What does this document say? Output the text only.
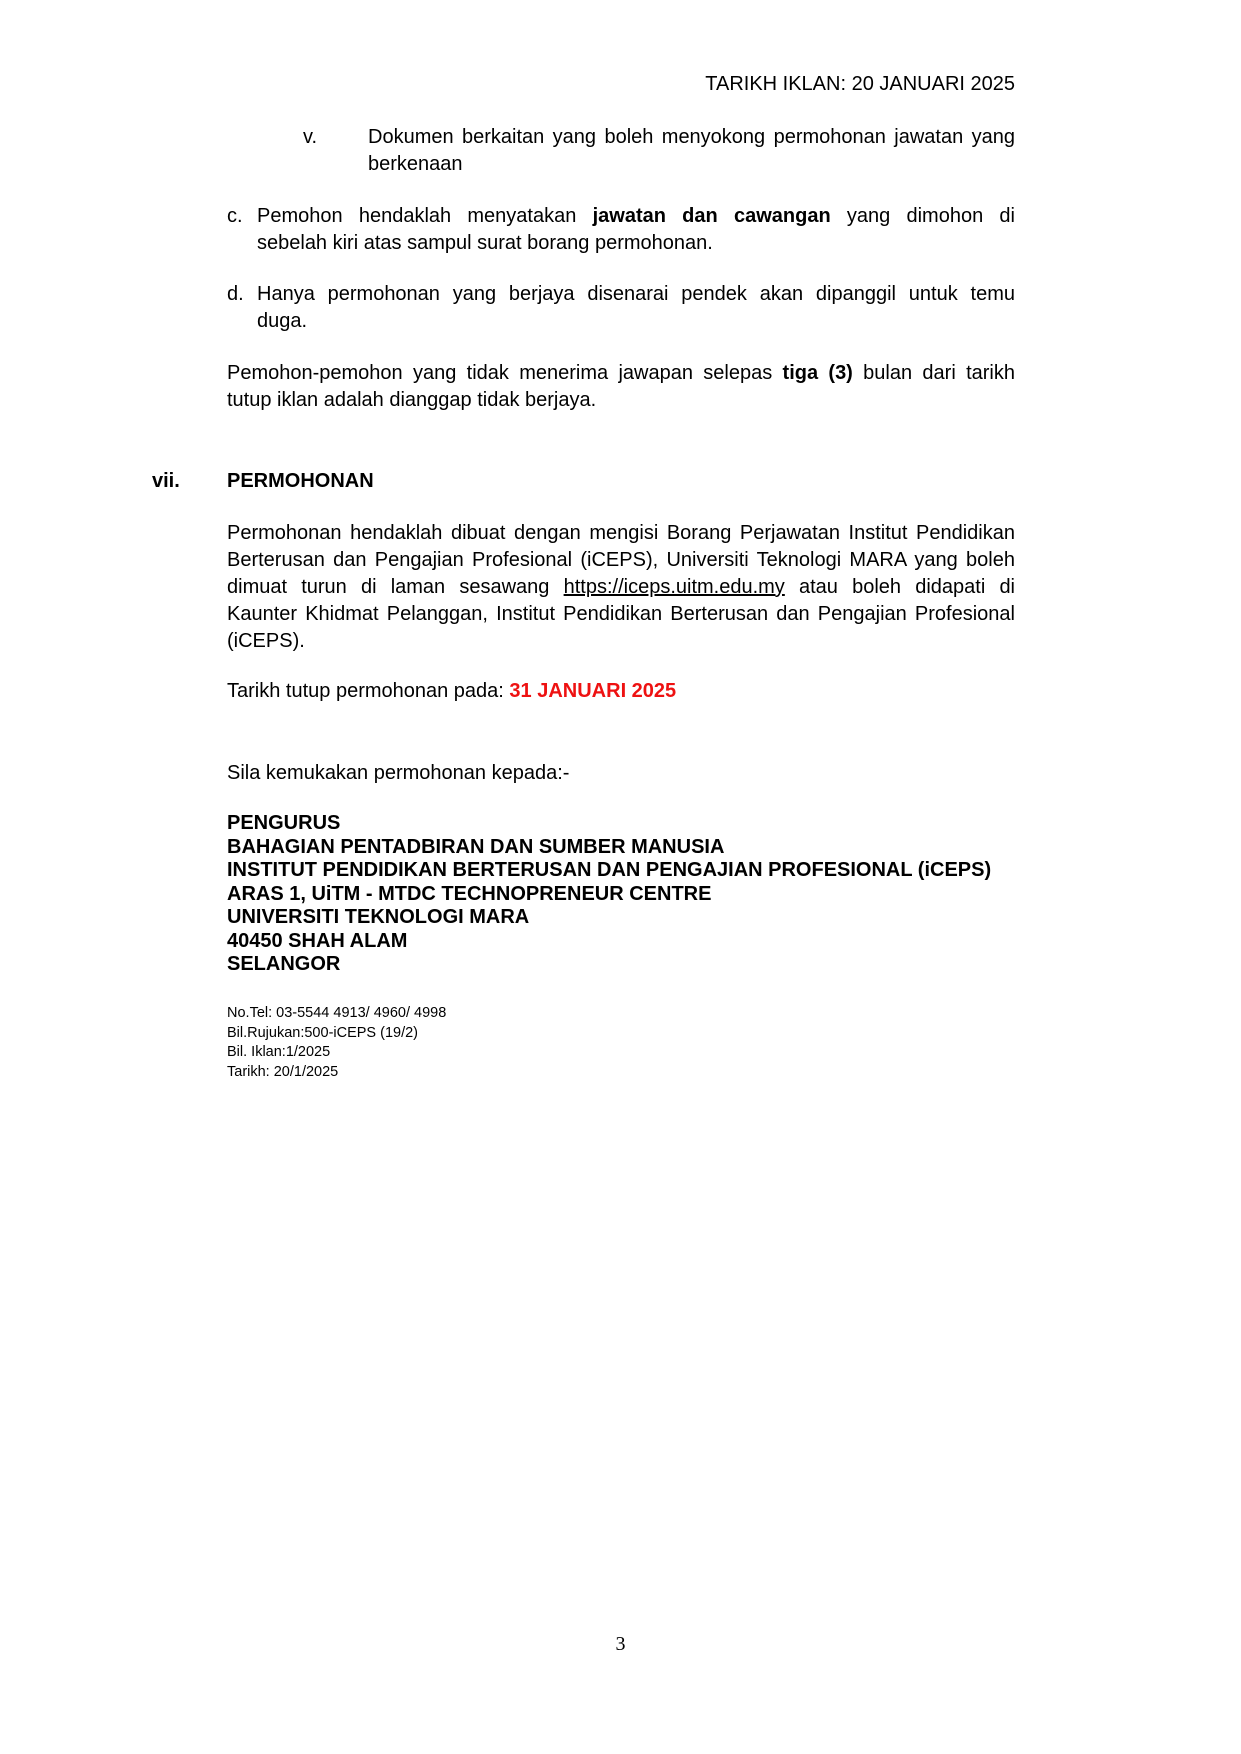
TARIKH IKLAN: 20 JANUARI 2025
v.	Dokumen berkaitan yang boleh menyokong permohonan jawatan yang
berkenaan
c. Pemohon hendaklah menyatakan jawatan dan cawangan yang dimohon di
sebelah kiri atas sampul surat borang permohonan.
d. Hanya permohonan yang berjaya disenarai pendek akan dipanggil untuk temu
duga.
Pemohon-pemohon yang tidak menerima jawapan selepas tiga (3) bulan dari tarikh
tutup iklan adalah dianggap tidak berjaya.
vii. PERMOHONAN
Permohonan hendaklah dibuat dengan mengisi Borang Perjawatan Institut Pendidikan
Berterusan dan Pengajian Profesional (iCEPS), Universiti Teknologi MARA yang boleh
dimuat turun di laman sesawang https://iceps.uitm.edu.my atau boleh didapati di
Kaunter Khidmat Pelanggan, Institut Pendidikan Berterusan dan Pengajian Profesional
(iCEPS).
Tarikh tutup permohonan pada: 31 JANUARI 2025
Sila kemukakan permohonan kepada:-
PENGURUS
BAHAGIAN PENTADBIRAN DAN SUMBER MANUSIA
INSTITUT PENDIDIKAN BERTERUSAN DAN PENGAJIAN PROFESIONAL (iCEPS)
ARAS 1, UiTM - MTDC TECHNOPRENEUR CENTRE
UNIVERSITI TEKNOLOGI MARA
40450 SHAH ALAM
SELANGOR
No.Tel: 03-5544 4913/ 4960/ 4998
Bil.Rujukan:500-iCEPS (19/2)
Bil. Iklan:1/2025
Tarikh: 20/1/2025
3
